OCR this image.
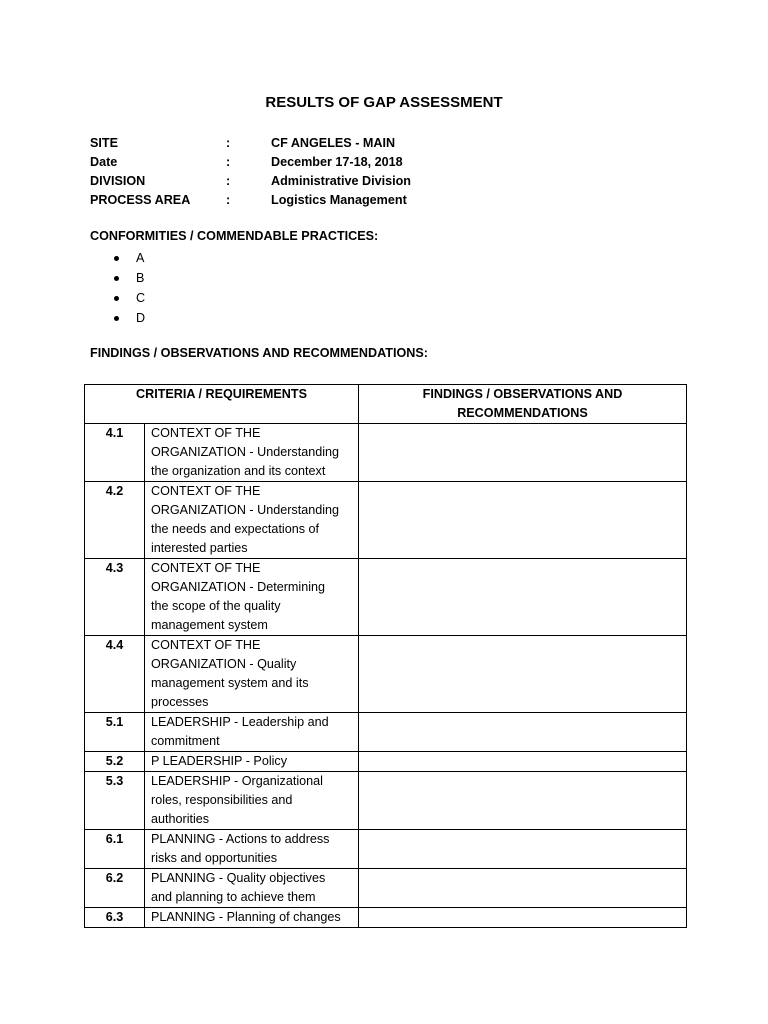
RESULTS OF GAP ASSESSMENT
SITE	:	CF ANGELES - MAIN
Date	:	December 17-18, 2018
DIVISION	:	Administrative Division
PROCESS AREA	:	Logistics Management
CONFORMITIES / COMMENDABLE PRACTICES:
A
B
C
D
FINDINGS / OBSERVATIONS AND RECOMMENDATIONS:
CRITERIA / REQUIREMENTS		FINDINGS / OBSERVATIONS AND
RECOMMENDATIONS

4.1	CONTEXT OF THE
ORGANIZATION - Understanding
the organization and its context	

4.2	CONTEXT OF THE
ORGANIZATION - Understanding
the needs and expectations of
interested parties	

4.3	CONTEXT OF THE
ORGANIZATION - Determining
the scope of the quality
management system	

4.4	CONTEXT OF THE
ORGANIZATION - Quality
management system and its
processes	

5.1	LEADERSHIP - Leadership and
commitment	

5.2	P LEADERSHIP - Policy	

5.3	LEADERSHIP - Organizational
roles, responsibilities and
authorities	

6.1	PLANNING - Actions to address
risks and opportunities	

6.2	PLANNING - Quality objectives
and planning to achieve them	

6.3	PLANNING - Planning of changes	
